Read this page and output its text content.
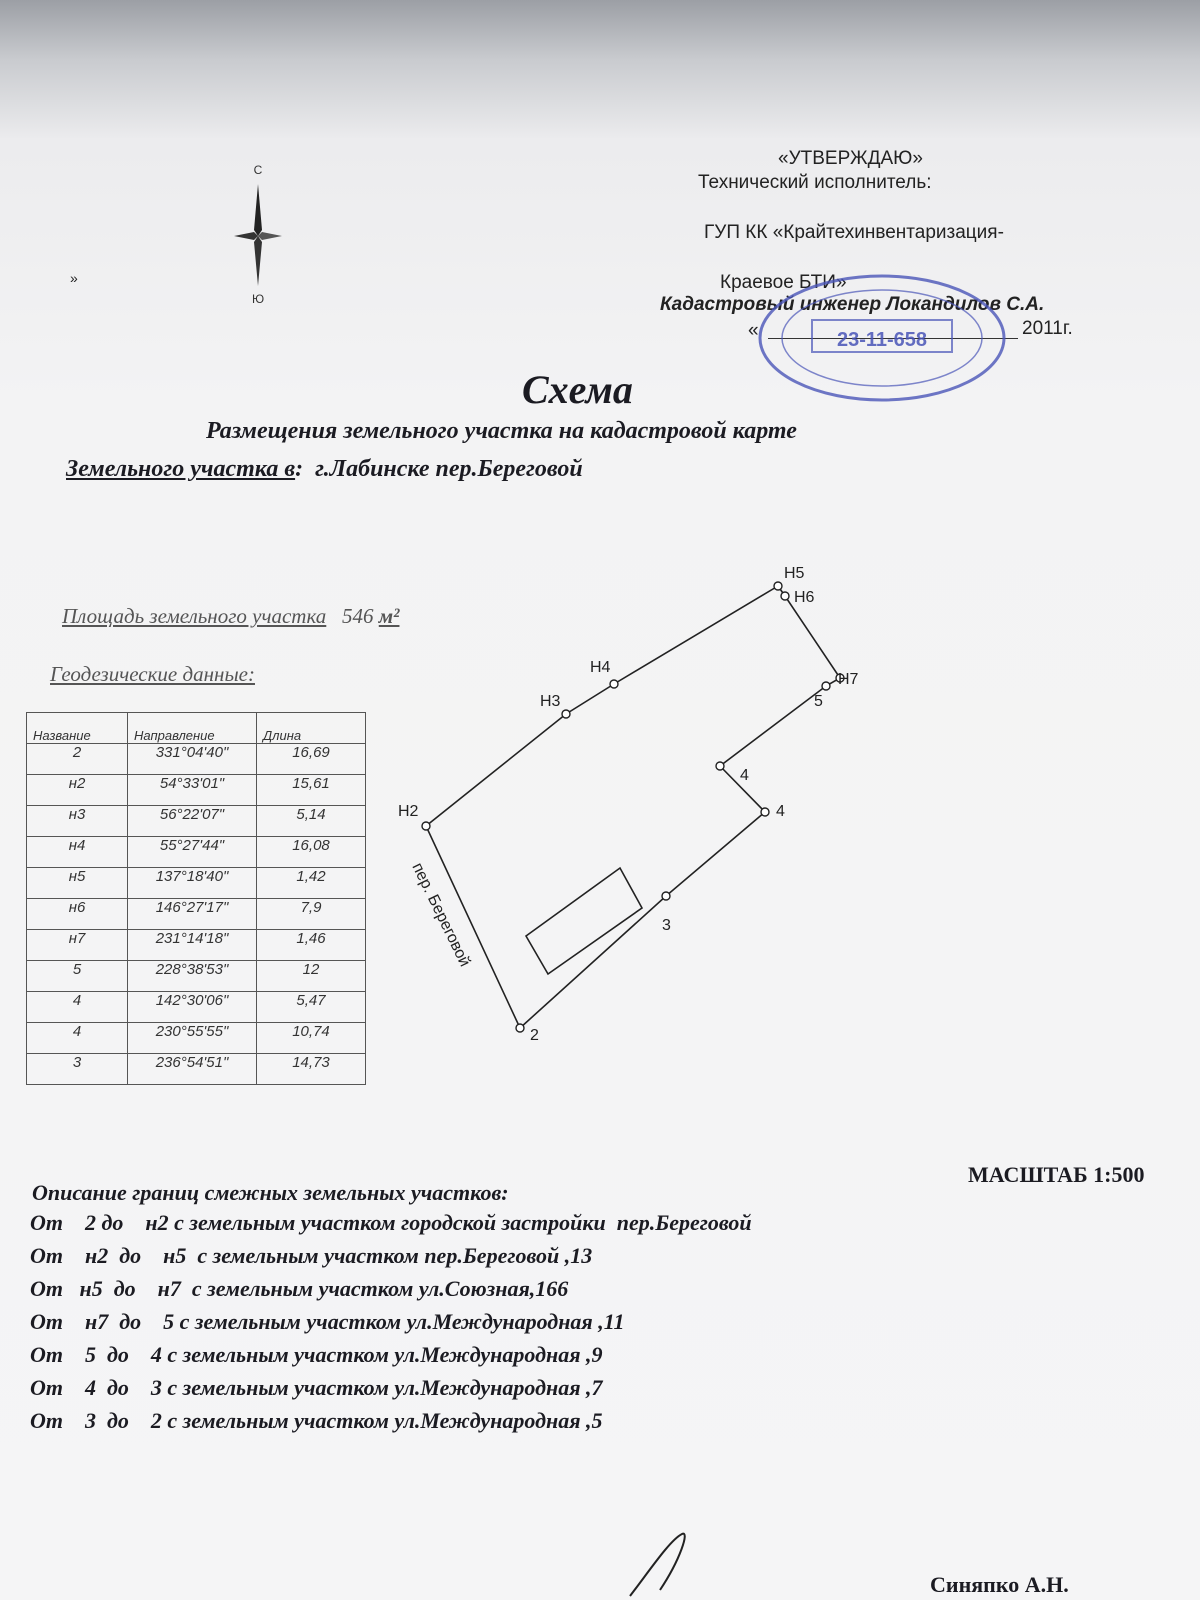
«УТВЕРЖДАЮ»
Технический исполнитель:
ГУП КК «Крайтехинвентаризация-
Краевое БТИ»
Кадастровый инженер Локандилов С.А.
«	2011г.
»
23-11-658
С
Ю
Схема
Размещения земельного участка на кадастровой карте
Земельного участка в:  г.Лабинске пер.Береговой
Площадь земельного участка 546 м²
Геодезические данные:
Название	Направление	Длина
2	331°04'40"	16,69
н2	54°33'01"	15,61
н3	56°22'07"	5,14
н4	55°27'44"	16,08
н5	137°18'40"	1,42
н6	146°27'17"	7,9
н7	231°14'18"	1,46
5	228°38'53"	12
4	142°30'06"	5,47
4	230°55'55"	10,74
3	236°54'51"	14,73
Н5
Н6
Н7
5
4
4
3
2
Н2
Н3
Н4
пер. Береговой
МАСШТАБ 1:500
Описание границ смежных земельных участков:
От    2 до    н2 с земельным участком городской застройки  пер.Береговой
От    н2  до    н5  с земельным участком пер.Береговой ,13
От   н5  до    н7  с земельным участком ул.Союзная,166
От    н7  до    5 с земельным участком ул.Международная ,11
От    5  до    4 с земельным участком ул.Международная ,9
От    4  до    3 с земельным участком ул.Международная ,7
От    3  до    2 с земельным участком ул.Международная ,5
Синяпко А.Н.
